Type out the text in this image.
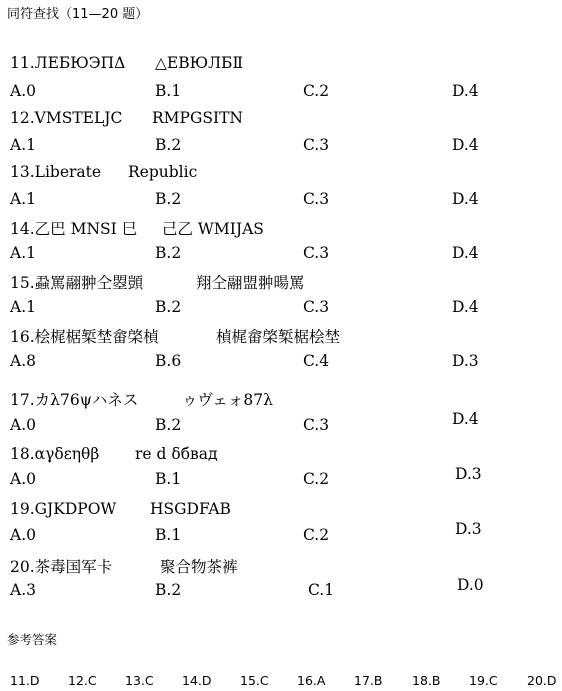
同符查找（11—20 题）
11.ЛЕБЮЭПΔ △ЕВЮЛБⅡ
A.0	B.1	C.2	D.4
12.VMSTELJC RMPGSITN
A.1	B.2	C.3	D.4
13.Liberate Republic
A.1	B.2	C.3	D.4
14.乙巴 MNSI 巳 己乙 WMIJAS
A.1	B.2	C.3	D.4
15.蝨罵翮翀仝曌顗	翔仝翮盟翀暘罵
A.1	B.2	C.3	D.4
16.桧梶椐椠埜畲棨楨	楨梶畲棨椠椐桧埜
A.8	B.6	C.4	D.3
17.カλ76ψハネス	ゥヴェォ87λ
A.0	B.2	C.3	D.4
18.αγδεηθβ re d δбвад
A.0	B.1	C.2	D.3
19.GJKDPOW HSGDFAB
A.0	B.1	C.2	D.3
20.茶毒国军卡	聚合物茶裤
A.3	B.2	C.1	D.0
参考答案
11.D 12.C 13.C 14.D 15.C 16.A 17.B 18.B 19.C 20.D
